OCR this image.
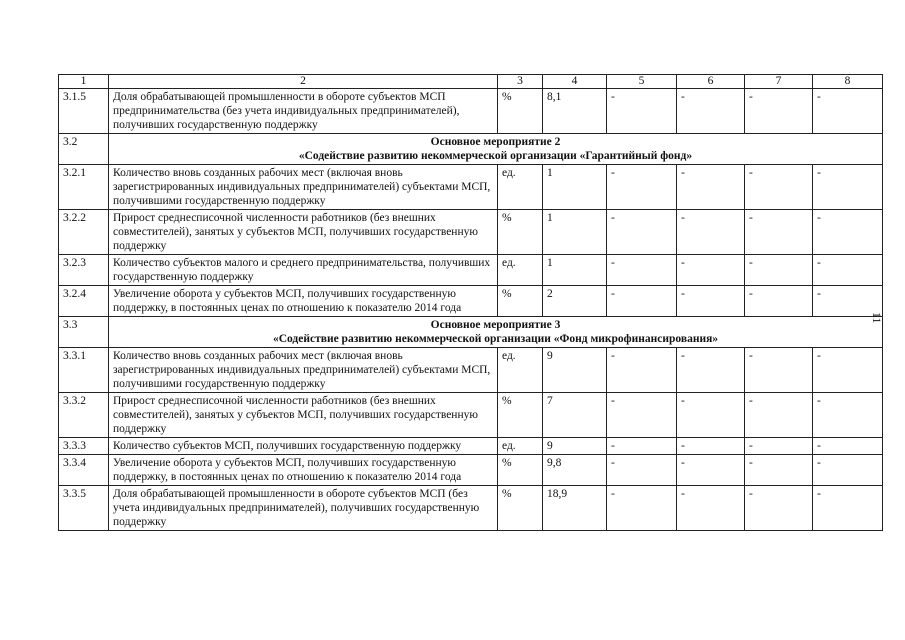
1	2	3	4	5	6	7	8
3.1.5	Доля обрабатывающей промышленности в обороте субъектов МСП предпринимательства (без учета индивидуальных предпринимателей), получивших государственную поддержку	%	8,1	-	-	-	-
3.2	Основное мероприятие 2
«Содействие развитию некоммерческой организации «Гарантийный фонд»						

3.2.1	Количество вновь созданных рабочих мест (включая вновь зарегистрированных индивидуальных предпринимателей) субъектами МСП, получившими государственную поддержку	ед.	1	-	-	-	-
3.2.2	Прирост среднесписочной численности работников (без внешних совместителей), занятых у субъектов МСП, получивших государственную поддержку	%	1	-	-	-	-
3.2.3	Количество субъектов малого и среднего предпринимательства, получивших государственную поддержку	ед.	1	-	-	-	-
3.2.4	Увеличение оборота у субъектов МСП, получивших государственную поддержку, в постоянных ценах по отношению к показателю 2014 года	%	2	-	-	-	-
3.3	Основное мероприятие 3
«Содействие развитию некоммерческой организации «Фонд микрофинансирования»						

3.3.1	Количество вновь созданных рабочих мест (включая вновь зарегистрированных индивидуальных предпринимателей) субъектами МСП, получившими государственную поддержку	ед.	9	-	-	-	-
3.3.2	Прирост среднесписочной численности работников (без внешних совместителей), занятых у субъектов МСП, получивших государственную поддержку	%	7	-	-	-	-
3.3.3	Количество субъектов МСП, получивших государственную поддержку	ед.	9	-	-	-	-
3.3.4	Увеличение оборота у субъектов МСП, получивших государственную поддержку, в постоянных ценах по отношению к показателю 2014 года	%	9,8	-	-	-	-
3.3.5	Доля обрабатывающей промышленности в обороте субъектов МСП (без учета индивидуальных предпринимателей), получивших государственную поддержку	%	18,9	-	-	-	-
11
